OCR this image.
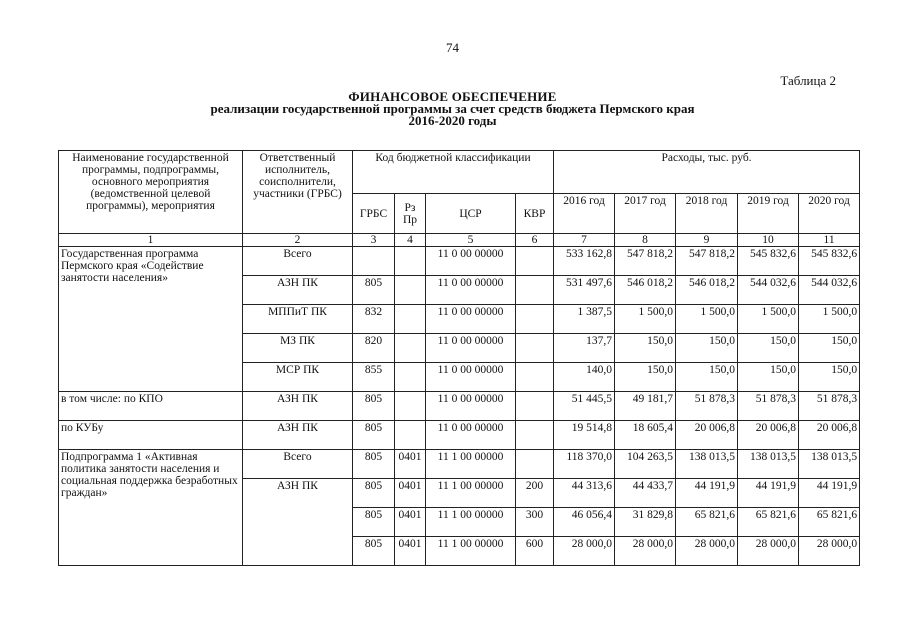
74
Таблица 2
ФИНАНСОВОЕ ОБЕСПЕЧЕНИЕ
реализации государственной программы за счет средств бюджета Пермского края
2016-2020 годы
Наименование государственной программы, подпрограммы, основного мероприятия (ведомственной целевой программы), мероприятия	Ответственный исполнитель, соисполнители, участники (ГРБС)	Код бюджетной классификации				Расходы, тыс. руб.				
		ГРБС	Рз Пр	ЦСР	КВР	2016 год	2017 год	2018 год	2019 год	2020 год
1	2	3	4	5	6	7	8	9	10	11
Государственная программа Пермского края «Содействие занятости населения»	Всего			11 0 00 00000		533 162,8	547 818,2	547 818,2	545 832,6	545 832,6
	АЗН ПК	805		11 0 00 00000		531 497,6	546 018,2	546 018,2	544 032,6	544 032,6
	МППиТ ПК	832		11 0 00 00000		1 387,5	1 500,0	1 500,0	1 500,0	1 500,0
	МЗ ПК	820		11 0 00 00000		137,7	150,0	150,0	150,0	150,0
	МСР ПК	855		11 0 00 00000		140,0	150,0	150,0	150,0	150,0
в том числе: по КПО	АЗН ПК	805		11 0 00 00000		51 445,5	49 181,7	51 878,3	51 878,3	51 878,3
по КУБу	АЗН ПК	805		11 0 00 00000		19 514,8	18 605,4	20 006,8	20 006,8	20 006,8
Подпрограмма 1 «Активная политика занятости населения и социальная поддержка безработных граждан»	Всего	805	0401	11 1 00 00000		118 370,0	104 263,5	138 013,5	138 013,5	138 013,5
	АЗН ПК	805	0401	11 1 00 00000	200	44 313,6	44 433,7	44 191,9	44 191,9	44 191,9
		805	0401	11 1 00 00000	300	46 056,4	31 829,8	65 821,6	65 821,6	65 821,6
		805	0401	11 1 00 00000	600	28 000,0	28 000,0	28 000,0	28 000,0	28 000,0
